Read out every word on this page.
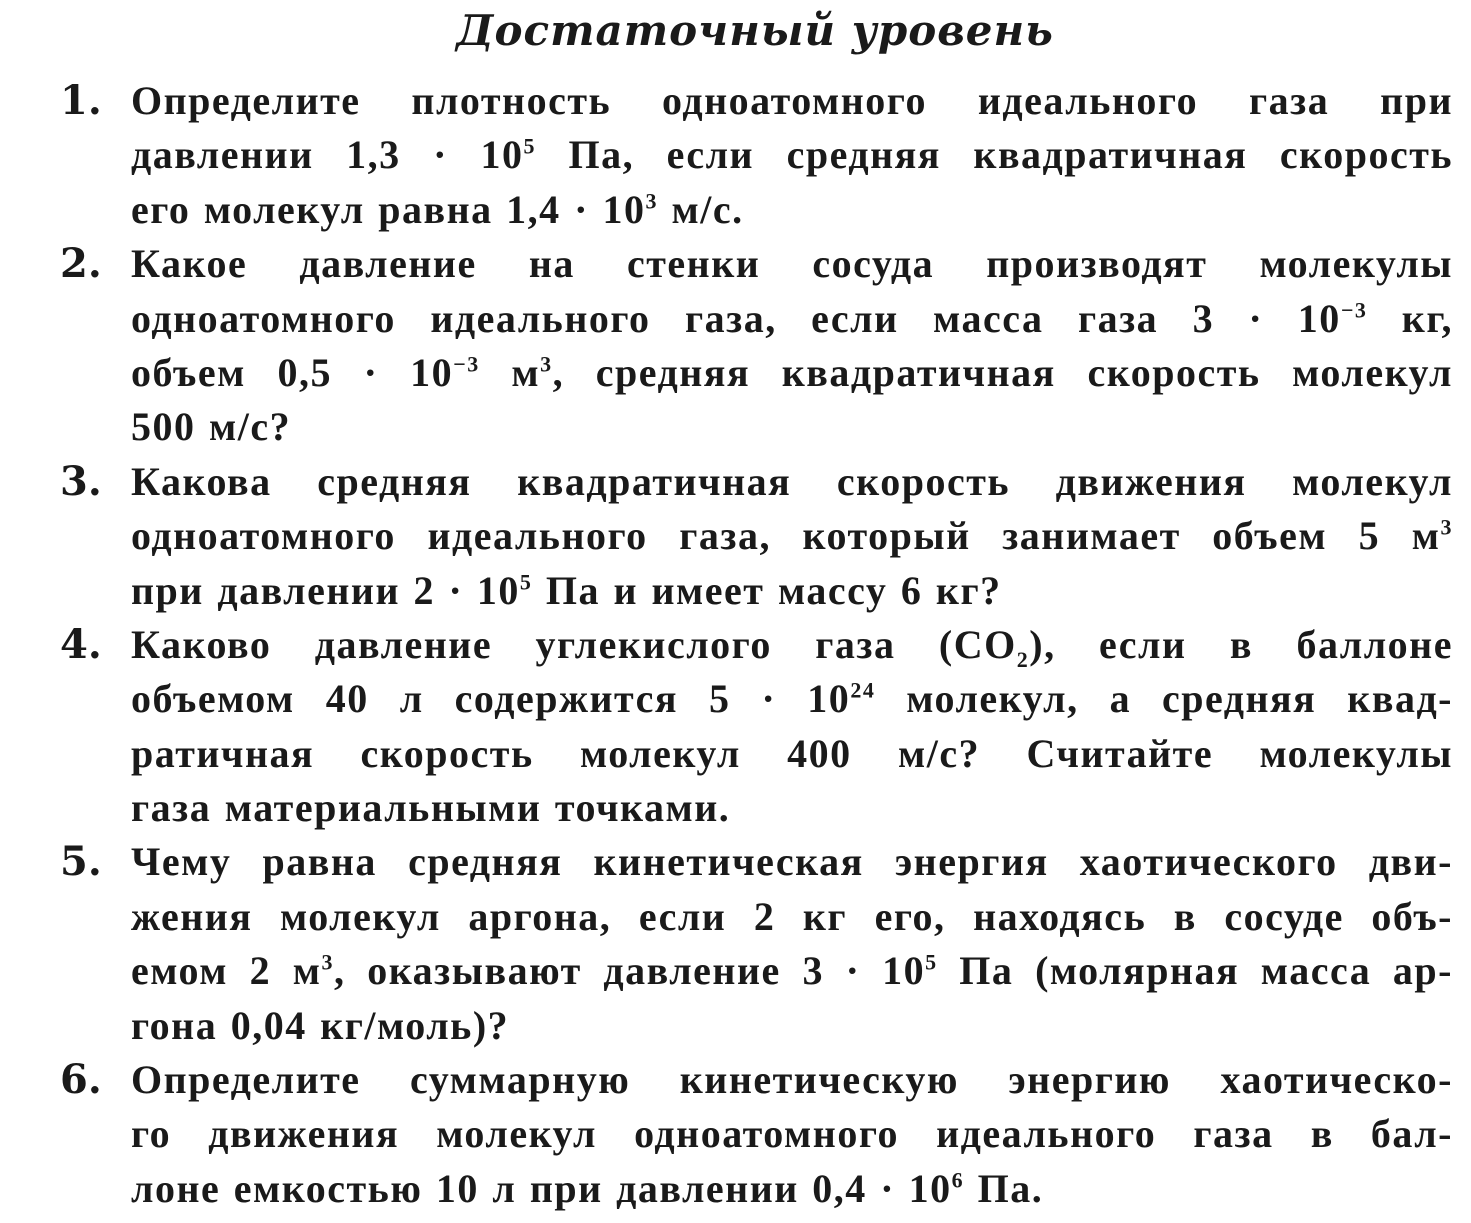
Достаточный уровень
1. Определите плотность одноатомного идеального газа при
давлении $1,3 \cdot 10^5$ Па, если средняя квадратичная скорость
его молекул равна $1,4 \cdot 10^3$ м/с.
2. Какое давление на стенки сосуда производят молекулы
одноатомного идеального газа, если масса газа $3 \cdot 10^{-3}$ кг,
объем $0,5 \cdot 10^{-3}$ $м^3$, средняя квадратичная скорость молекул
500 м/с?
3. Какова средняя квадратичная скорость движения молекул
одноатомного идеального газа, который занимает объем 5 $м^3$
при давлении $2 \cdot 10^5$ Па и имеет массу 6 кг?
4. Каково давление углекислого газа $(CO_2)$, если в баллоне
объемом 40 л содержится $5 \cdot 10^{24}$ молекул, а средняя квад-
ратичная скорость молекул 400 м/с? Считайте молекулы
газа материальными точками.
5. Чему равна средняя кинетическая энергия хаотического дви-
жения молекул аргона, если 2 кг его, находясь в сосуде объ-
емом 2 $м^3$, оказывают давление $3 \cdot 10^5$ Па (молярная масса ар-
гона 0,04 кг/моль)?
6. Определите суммарную кинетическую энергию хаотическо-
го движения молекул одноатомного идеального газа в бал-
лоне емкостью 10 л при давлении $0,4 \cdot 10^6$ Па.
